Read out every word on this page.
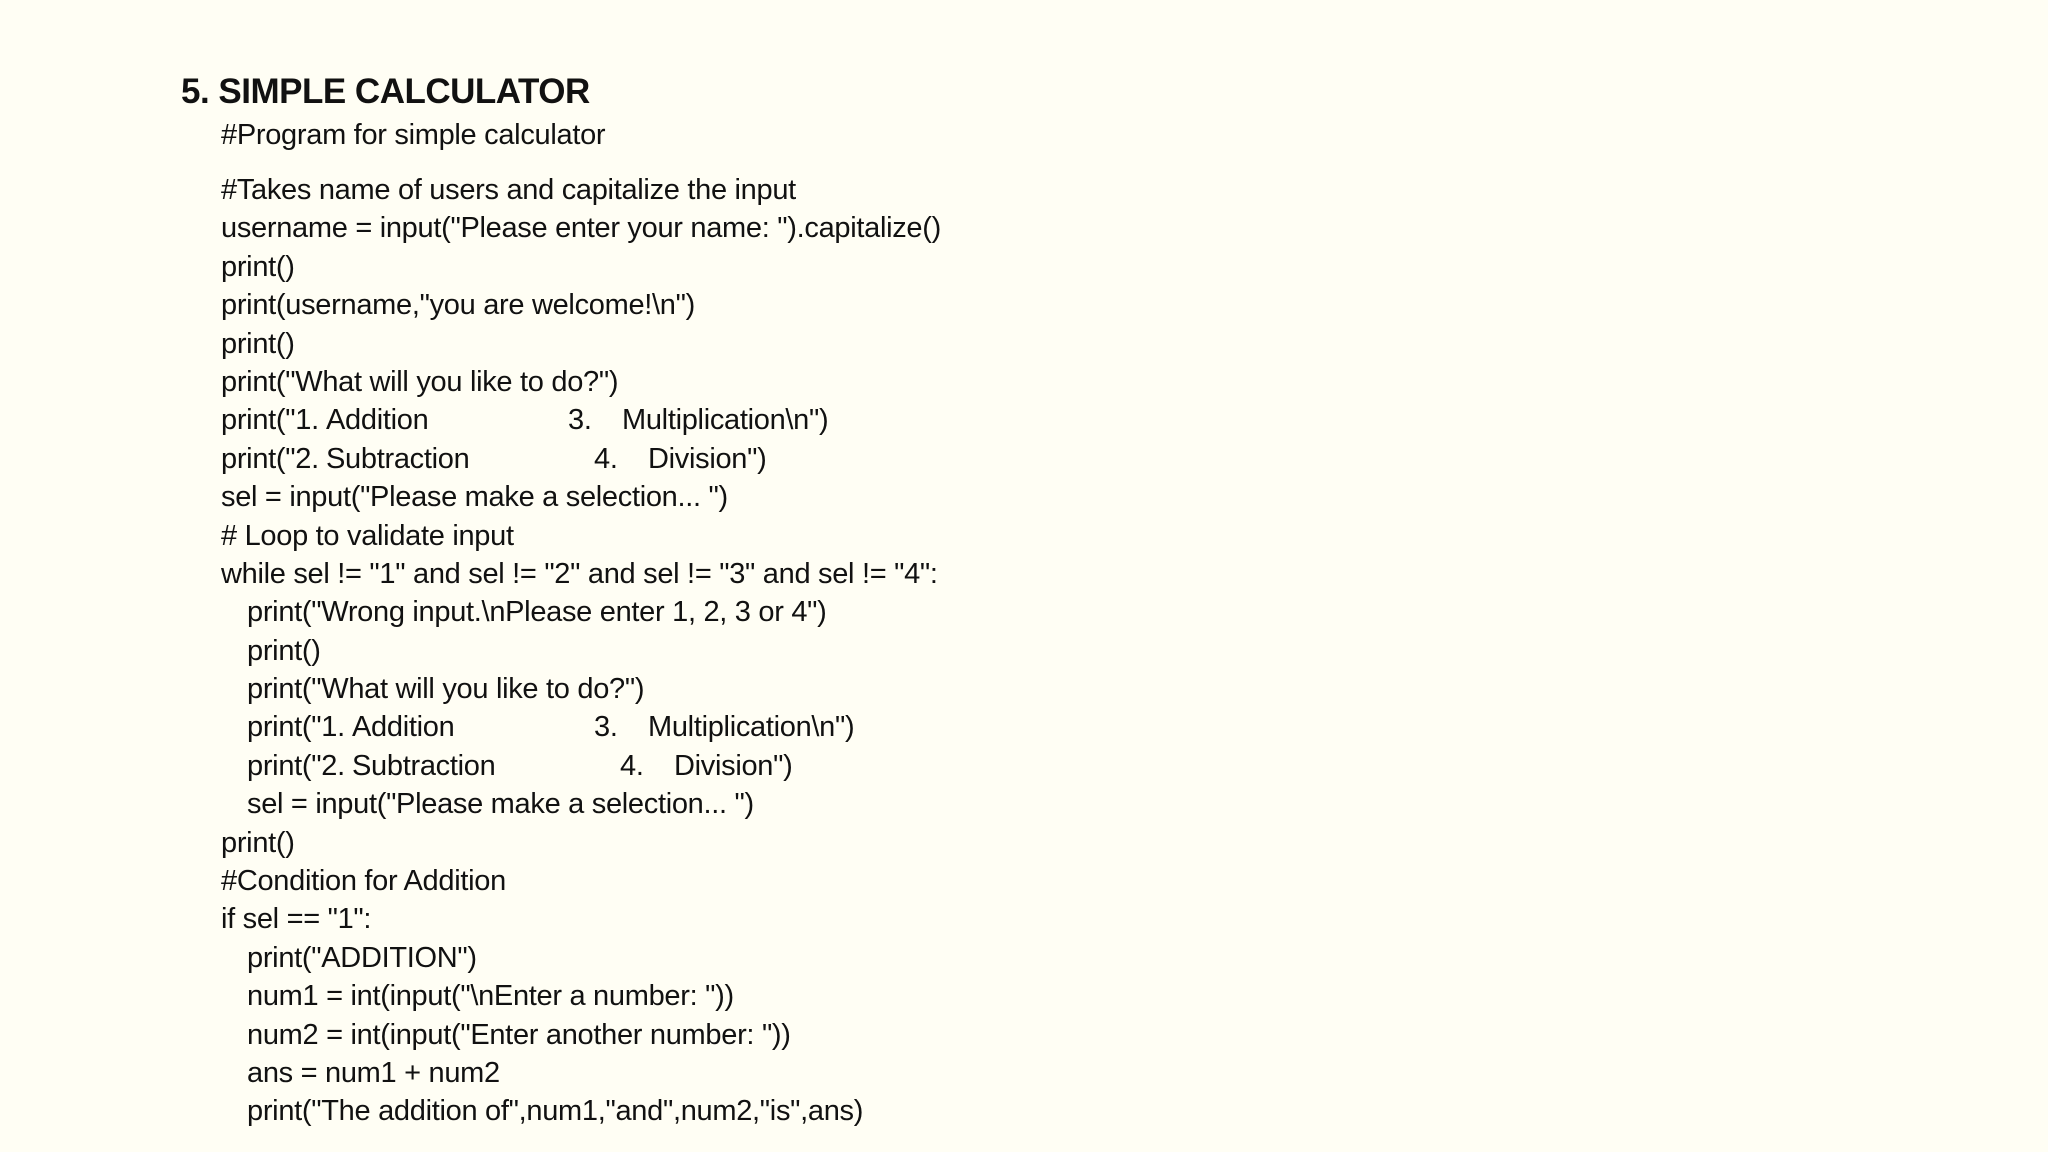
5. SIMPLE CALCULATOR
#Program for simple calculator
#Takes name of users and capitalize the input
username = input("Please enter your name: ").capitalize()
print()
print(username,"you are welcome!\n")
print()
print("What will you like to do?")
print("1. Addition	3. Multiplication\n")
print("2. Subtraction	4. Division")
sel = input("Please make a selection... ")
# Loop to validate input
while sel != "1" and sel != "2" and sel != "3" and sel != "4":
print("Wrong input.\nPlease enter 1, 2, 3 or 4")
print()
print("What will you like to do?")
print("1. Addition	3. Multiplication\n")
print("2. Subtraction	4. Division")
sel = input("Please make a selection... ")
print()
#Condition for Addition
if sel == "1":
print("ADDITION")
num1 = int(input("\nEnter a number: "))
num2 = int(input("Enter another number: "))
ans = num1 + num2
print("The addition of",num1,"and",num2,"is",ans)
